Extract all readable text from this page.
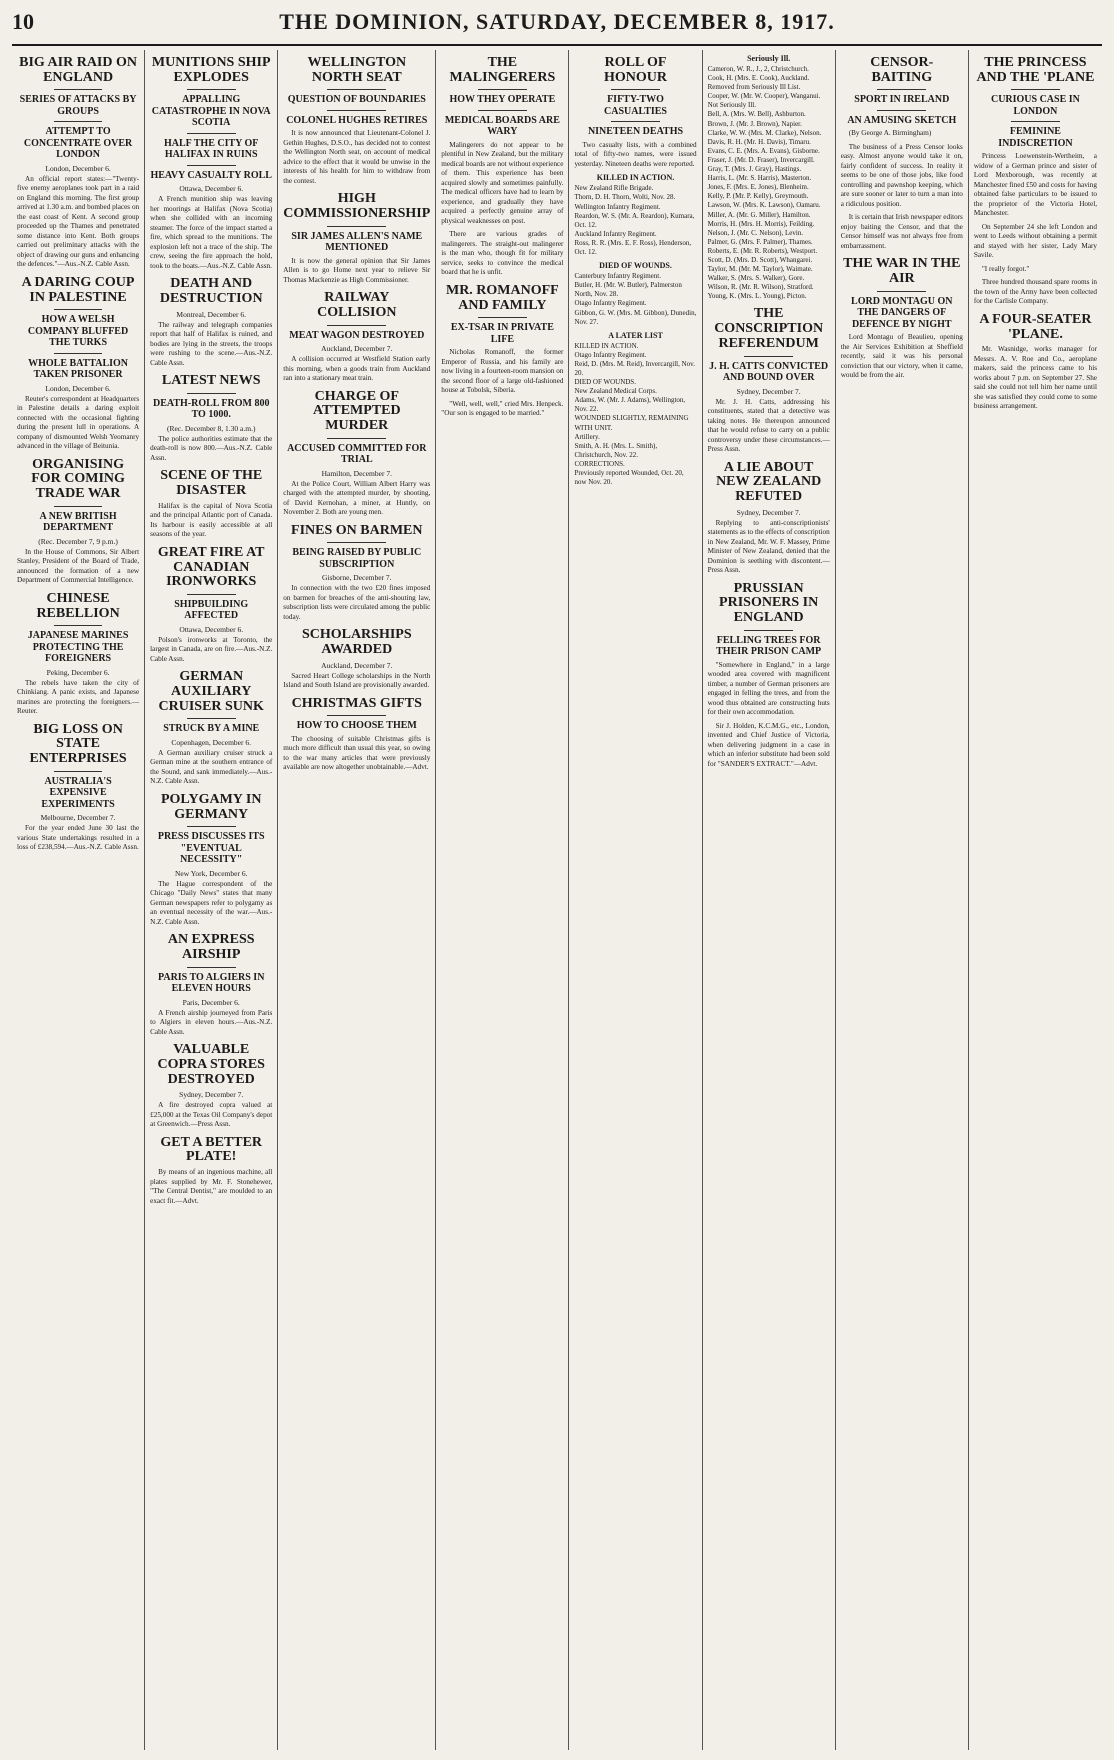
10	THE DOMINION, SATURDAY, DECEMBER 8, 1917.
BIG AIR RAID ON ENGLAND
SERIES OF ATTACKS BY GROUPS
ATTEMPT TO CONCENTRATE OVER LONDON
London, December 6.

An official report states:—"Twenty-five enemy aeroplanes took part in a raid on England this morning. The first group arrived at 1.30 a.m. and bombed places on the east coast of Kent. A second group proceeded up the Thames and penetrated some distance into Kent. Both groups carried out preliminary attacks with the object of drawing our guns and enhancing the defences."—Aus.-N.Z. Cable Assn.

A DARING COUP IN PALESTINE
HOW A WELSH COMPANY BLUFFED THE TURKS
WHOLE BATTALION TAKEN PRISONER
London, December 6.

Reuter's correspondent at Headquarters in Palestine details a daring exploit connected with the occasional fighting during the present lull in operations. A company of dismounted Welsh Yeomanry advanced in the village of Beitunia.

ORGANISING FOR COMING TRADE WAR
A NEW BRITISH DEPARTMENT
(Rec. December 7, 9 p.m.)

In the House of Commons, Sir Albert Stanley, President of the Board of Trade, announced the formation of a new Department of Commercial Intelligence.

CHINESE REBELLION
JAPANESE MARINES PROTECTING THE FOREIGNERS
Peking, December 6.

The rebels have taken the city of Chinkiang. A panic exists, and Japanese marines are protecting the foreigners.—Reuter.

BIG LOSS ON STATE ENTERPRISES
AUSTRALIA'S EXPENSIVE EXPERIMENTS
Melbourne, December 7.

For the year ended June 30 last the various State undertakings resulted in a loss of £238,594.—Aus.-N.Z. Cable Assn.

MUNITIONS SHIP EXPLODES
APPALLING CATASTROPHE IN NOVA SCOTIA
HALF THE CITY OF HALIFAX IN RUINS
HEAVY CASUALTY ROLL
Ottawa, December 6.

A French munition ship was leaving her moorings at Halifax (Nova Scotia) when she collided with an incoming steamer. The force of the impact started a fire, which spread to the munitions. The explosion left not a trace of the ship. The crew, seeing the fire approach the hold, took to the boats.—Aus.-N.Z. Cable Assn.

DEATH AND DESTRUCTION
Montreal, December 6.

The railway and telegraph companies report that half of Halifax is ruined, and bodies are lying in the streets, the troops were rushing to the scene.—Aus.-N.Z. Cable Assn.

LATEST NEWS
DEATH-ROLL FROM 800 TO 1000.
(Rec. December 8, 1.30 a.m.)

The police authorities estimate that the death-roll is now 800.—Aus.-N.Z. Cable Assn.

SCENE OF THE DISASTER

Halifax is the capital of Nova Scotia and the principal Atlantic port of Canada. Its harbour is easily accessible at all seasons of the year.

GREAT FIRE AT CANADIAN IRONWORKS
SHIPBUILDING AFFECTED
Ottawa, December 6.

Polson's ironworks at Toronto, the largest in Canada, are on fire.—Aus.-N.Z. Cable Assn.

GERMAN AUXILIARY CRUISER SUNK
STRUCK BY A MINE
Copenhagen, December 6.

A German auxiliary cruiser struck a German mine at the southern entrance of the Sound, and sank immediately.—Aus.-N.Z. Cable Assn.

POLYGAMY IN GERMANY
PRESS DISCUSSES ITS "EVENTUAL NECESSITY"
New York, December 6.

The Hague correspondent of the Chicago "Daily News" states that many German newspapers refer to polygamy as an eventual necessity of the war.—Aus.-N.Z. Cable Assn.

AN EXPRESS AIRSHIP
PARIS TO ALGIERS IN ELEVEN HOURS
Paris, December 6.

A French airship journeyed from Paris to Algiers in eleven hours.—Aus.-N.Z. Cable Assn.

VALUABLE COPRA STORES DESTROYED
Sydney, December 7.

A fire destroyed copra valued at £25,000 at the Texas Oil Company's depot at Greenwich.—Press Assn.

GET A BETTER PLATE!

By means of an ingenious machine, all plates supplied by Mr. F. Stonehewer, "The Central Dentist," are moulded to an exact fit.—Advt.

WELLINGTON NORTH SEAT
QUESTION OF BOUNDARIES
COLONEL HUGHES RETIRES

It is now announced that Lieutenant-Colonel J. Gethin Hughes, D.S.O., has decided not to contest the Wellington North seat, on account of medical advice to the effect that it would be unwise in the interests of his health for him to withdraw from the contest.

HIGH COMMISSIONERSHIP
SIR JAMES ALLEN'S NAME MENTIONED

It is now the general opinion that Sir James Allen is to go Home next year to relieve Sir Thomas Mackenzie as High Commissioner.

RAILWAY COLLISION
MEAT WAGON DESTROYED
Auckland, December 7.

A collision occurred at Westfield Station early this morning, when a goods train from Auckland ran into a stationary meat train.

CHARGE OF ATTEMPTED MURDER
ACCUSED COMMITTED FOR TRIAL
Hamilton, December 7.

At the Police Court, William Albert Harry was charged with the attempted murder, by shooting, of David Kernohan, a miner, at Huntly, on November 2. Both are young men.

FINES ON BARMEN
BEING RAISED BY PUBLIC SUBSCRIPTION
Gisborne, December 7.

In connection with the two £20 fines imposed on barmen for breaches of the anti-shouting law, subscription lists were circulated among the public today.

SCHOLARSHIPS AWARDED
Auckland, December 7.

Sacred Heart College scholarships in the North Island and South Island are provisionally awarded.

CHRISTMAS GIFTS
HOW TO CHOOSE THEM

The choosing of suitable Christmas gifts is much more difficult than usual this year, so owing to the war many articles that were previously available are now altogether unobtainable.—Advt.

THE MALINGERERS
HOW THEY OPERATE
MEDICAL BOARDS ARE WARY

Malingerers do not appear to be plentiful in New Zealand, but the military medical boards are not without experience of them. This experience has been acquired slowly and sometimes painfully. The medical officers have had to learn by experience, and gradually they have acquired a perfectly genuine array of physical weaknesses on post.

There are various grades of malingerers. The straight-out malingerer is the man who, though fit for military service, seeks to convince the medical board that he is unfit.

MR. ROMANOFF AND FAMILY
EX-TSAR IN PRIVATE LIFE

Nicholas Romanoff, the former Emperor of Russia, and his family are now living in a fourteen-room mansion on the second floor of a large old-fashioned house at Tobolsk, Siberia.

"Well, well, well," cried Mrs. Henpeck. "Our son is engaged to be married."

ROLL OF HONOUR
FIFTY-TWO CASUALTIES
NINETEEN DEATHS

Two casualty lists, with a combined total of fifty-two names, were issued yesterday. Nineteen deaths were reported.

KILLED IN ACTION.

New Zealand Rifle Brigade.

Thorn, D. H. Thorn, Wolti, Nov. 28.

Wellington Infantry Regiment.

Reardon, W. S. (Mr. A. Reardon), Kumara, Oct. 12.

Auckland Infantry Regiment.

Ross, R. R. (Mrs. E. F. Ross), Henderson, Oct. 12.

DIED OF WOUNDS.

Canterbury Infantry Regiment.

Butler, H. (Mr. W. Butler), Palmerston North, Nov. 28.

Otago Infantry Regiment.

Gibbon, G. W. (Mrs. M. Gibbon), Dunedin, Nov. 27.

A LATER LIST

KILLED IN ACTION.

Otago Infantry Regiment.

Reid, D. (Mrs. M. Reid), Invercargill, Nov. 20.

DIED OF WOUNDS.

New Zealand Medical Corps.

Adams, W. (Mr. J. Adams), Wellington, Nov. 22.

WOUNDED SLIGHTLY, REMAINING WITH UNIT.

Artillery.

Smith, A. H. (Mrs. L. Smith), Christchurch, Nov. 22.

CORRECTIONS.

Previously reported Wounded, Oct. 20, now Nov. 20.

Seriously Ill.

Cameron, W. R., J., 2, Christchurch.

Cook, H. (Mrs. E. Cook), Auckland.

Removed from Seriously Ill List.

Cooper, W. (Mr. W. Cooper), Wanganui.

Not Seriously Ill.

Bell, A. (Mrs. W. Bell), Ashburton.

Brown, J. (Mr. J. Brown), Napier.

Clarke, W. W. (Mrs. M. Clarke), Nelson.

Davis, R. H. (Mr. H. Davis), Timaru.

Evans, C. E. (Mrs. A. Evans), Gisborne.

Fraser, J. (Mr. D. Fraser), Invercargill.

Gray, T. (Mrs. J. Gray), Hastings.

Harris, L. (Mr. S. Harris), Masterton.

Jones, F. (Mrs. E. Jones), Blenheim.

Kelly, P. (Mr. P. Kelly), Greymouth.

Lawson, W. (Mrs. K. Lawson), Oamaru.

Miller, A. (Mr. G. Miller), Hamilton.

Morris, H. (Mrs. H. Morris), Feilding.

Nelson, J. (Mr. C. Nelson), Levin.

Palmer, G. (Mrs. F. Palmer), Thames.

Roberts, E. (Mr. R. Roberts), Westport.

Scott, D. (Mrs. D. Scott), Whangarei.

Taylor, M. (Mr. M. Taylor), Waimate.

Walker, S. (Mrs. S. Walker), Gore.

Wilson, R. (Mr. R. Wilson), Stratford.

Young, K. (Mrs. L. Young), Picton.

THE CONSCRIPTION REFERENDUM
J. H. CATTS CONVICTED AND BOUND OVER
Sydney, December 7.

Mr. J. H. Catts, addressing his constituents, stated that a detective was taking notes. He thereupon announced that he would refuse to carry on a public controversy under these circumstances.—Press Assn.

A LIE ABOUT NEW ZEALAND REFUTED
Sydney, December 7.

Replying to anti-conscriptionists' statements as to the effects of conscription in New Zealand, Mr. W. F. Massey, Prime Minister of New Zealand, denied that the Dominion is seething with discontent.—Press Assn.

PRUSSIAN PRISONERS IN ENGLAND
FELLING TREES FOR THEIR PRISON CAMP

"Somewhere in England," in a large wooded area covered with magnificent timber, a number of German prisoners are engaged in felling the trees, and from the wood thus obtained are constructing huts for their own accommodation.

Sir J. Holden, K.C.M.G., etc., London, invented and Chief Justice of Victoria, when delivering judgment in a case in which an inferior substitute had been sold for "SANDER'S EXTRACT."—Advt.

CENSOR-BAITING
SPORT IN IRELAND
AN AMUSING SKETCH

(By George A. Birmingham)

The business of a Press Censor looks easy. Almost anyone would take it on, fairly confident of success. In reality it seems to be one of those jobs, like food controlling and pawnshop keeping, which are sure sooner or later to turn a man into a ridiculous position.

It is certain that Irish newspaper editors enjoy baiting the Censor, and that the Censor himself was not always free from embarrassment.

THE WAR IN THE AIR
LORD MONTAGU ON THE DANGERS OF DEFENCE BY NIGHT

Lord Montagu of Beaulieu, opening the Air Services Exhibition at Sheffield recently, said it was his personal conviction that our victory, when it came, would be from the air.

THE PRINCESS AND THE 'PLANE
CURIOUS CASE IN LONDON
FEMININE INDISCRETION

Princess Loewenstein-Wertheim, a widow of a German prince and sister of Lord Mexborough, was recently at Manchester fined £50 and costs for having obtained false particulars to be issued to the proprietor of the Victoria Hotel, Manchester.

On September 24 she left London and went to Leeds without obtaining a permit and stayed with her sister, Lady Mary Savile.

"I really forgot."

Three hundred thousand spare rooms in the town of the Army have been collected for the Carlisle Company.

A FOUR-SEATER 'PLANE.

Mr. Wasnidge, works manager for Messrs. A. V. Roe and Co., aeroplane makers, said the princess came to his works about 7 p.m. on September 27. She said she could not tell him her name until she was satisfied they could come to some business arrangement.
